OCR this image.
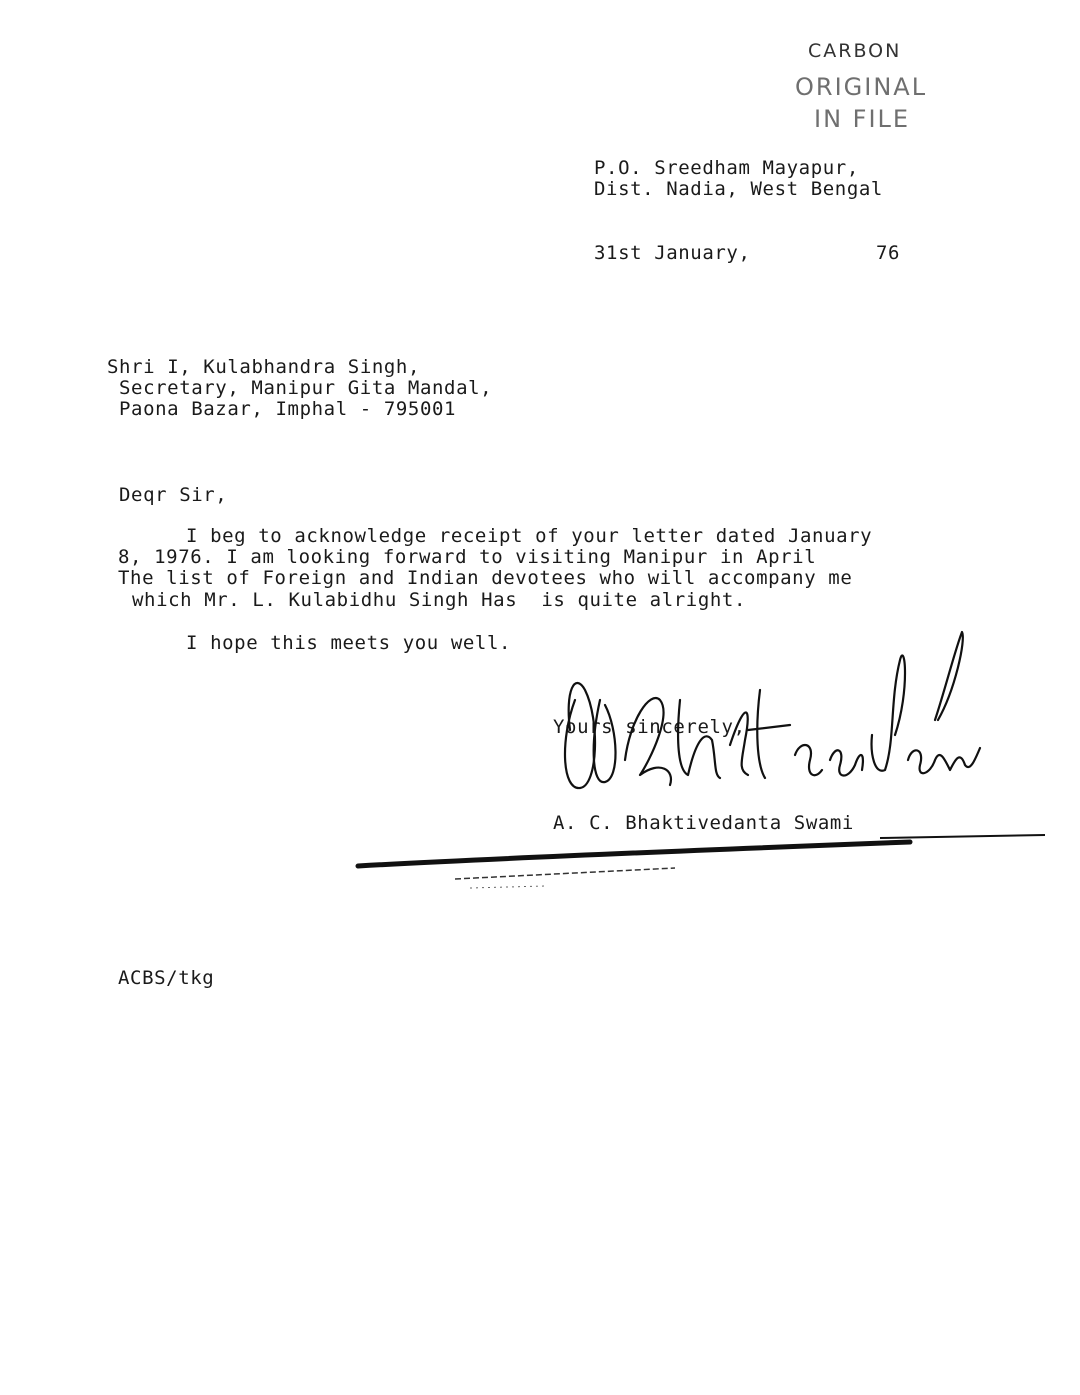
CARBON
ORIGINAL
IN FILE
P.O. Sreedham Mayapur,
Dist. Nadia, West Bengal
31st January,	76
Shri I, Kulabhandra Singh,
Secretary, Manipur Gita Mandal,
Paona Bazar, Imphal - 795001
Deqr Sir,
I beg to acknowledge receipt of your letter dated January
8, 1976. I am looking forward to visiting Manipur in April
The list of Foreign and Indian devotees who will accompany me
which Mr. L. Kulabidhu Singh Has  is quite alright.
I hope this meets you well.
Yours sincerely,
A. C. Bhaktivedanta Swami
ACBS/tkg
